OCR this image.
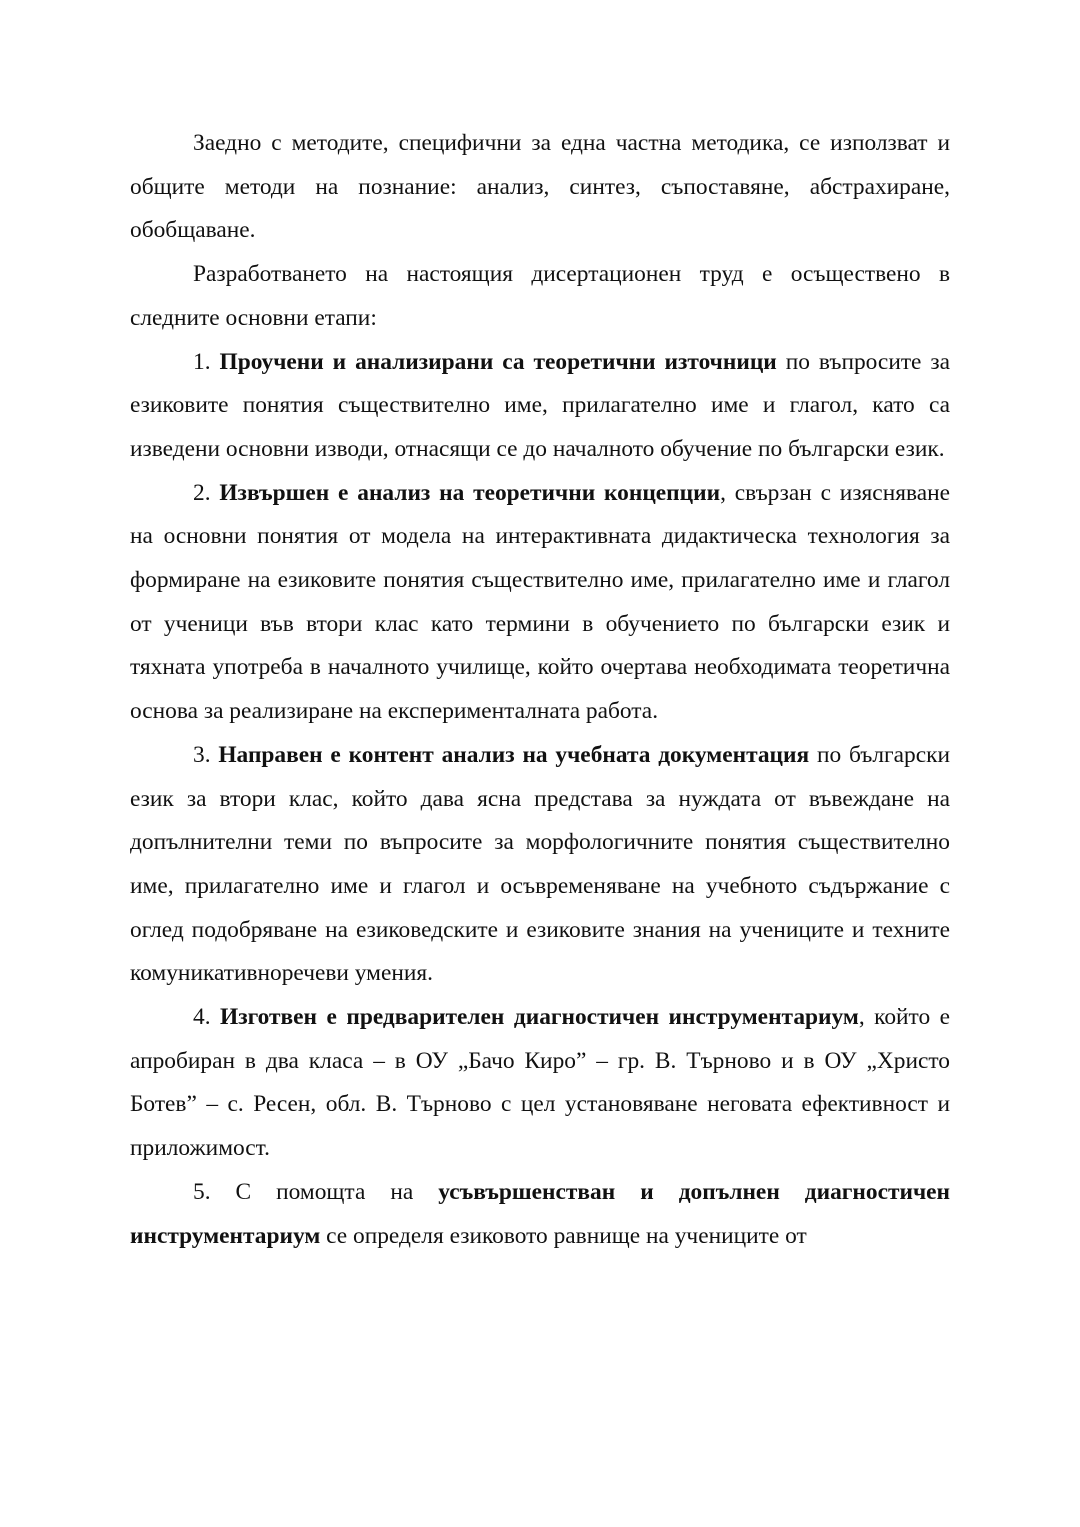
Заедно с методите, специфични за една частна методика, се използват и общите методи на познание: анализ, синтез, съпоставяне, абстрахиране, обобщаване.

Разработването на настоящия дисертационен труд е осъществено в следните основни етапи:

1. Проучени и анализирани са теоретични източници по въпросите за езиковите понятия съществително име, прилагателно име и глагол, като са изведени основни изводи, отнасящи се до началното обучение по български език.

2. Извършен е анализ на теоретични концепции, свързан с изясняване на основни понятия от модела на интерактивната дидактическа технология за формиране на езиковите понятия съществително име, прилагателно име и глагол от ученици във втори клас като термини в обучението по български език и тяхната употреба в началното училище, който очертава необходимата теоретична основа за реализиране на експерименталната работа.

3. Направен е контент анализ на учебната документация по български език за втори клас, който дава ясна представа за нуждата от въвеждане на допълнителни теми по въпросите за морфологичните понятия съществително име, прилагателно име и глагол и осъвременяване на учебното съдържание с оглед подобряване на езиковедските и езиковите знания на учениците и техните комуникативноречеви умения.

4. Изготвен е предварителен диагностичен инструментариум, който е апробиран в два класа – в ОУ „Бачо Киро” – гр. В. Търново и в ОУ „Христо Ботев” – с. Ресен, обл. В. Търново с цел установяване неговата ефективност и приложимост.

5. С помощта на усъвършенстван и допълнен диагностичен инструментариум се определя езиковото равнище на учениците от
